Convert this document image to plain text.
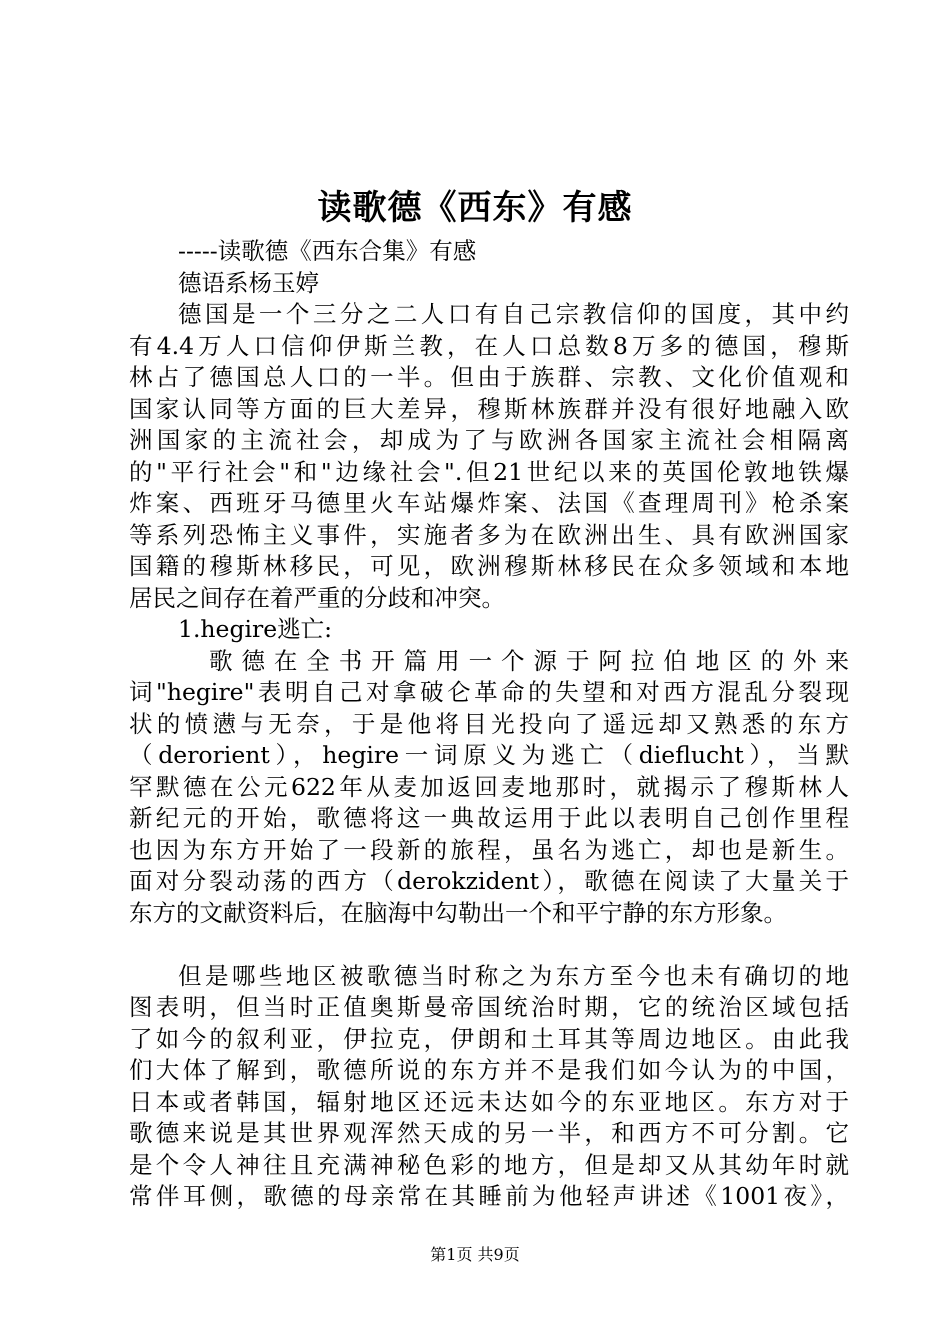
读歌德《西东》有感
-----读歌德《西东合集》有感
德语系杨玉婷
德国是一个三分之二人口有自己宗教信仰的国度，其中约
有4.4万人口信仰伊斯兰教，在人口总数8万多的德国，穆斯
林占了德国总人口的一半。但由于族群、宗教、文化价值观和
国家认同等方面的巨大差异，穆斯林族群并没有很好地融入欧
洲国家的主流社会，却成为了与欧洲各国家主流社会相隔离
的"平行社会"和"边缘社会".但21世纪以来的英国伦敦地铁爆
炸案、西班牙马德里火车站爆炸案、法国《查理周刊》枪杀案
等系列恐怖主义事件，实施者多为在欧洲出生、具有欧洲国家
国籍的穆斯林移民，可见，欧洲穆斯林移民在众多领域和本地
居民之间存在着严重的分歧和冲突。
1.hegire逃亡:
歌德在全书开篇用一个源于阿拉伯地区的外来
词"hegire"表明自己对拿破仑革命的失望和对西方混乱分裂现
状的愤懑与无奈，于是他将目光投向了遥远却又熟悉的东方
（derorient），hegire一词原义为逃亡（dieflucht），当默
罕默德在公元622年从麦加返回麦地那时，就揭示了穆斯林人
新纪元的开始，歌德将这一典故运用于此以表明自己创作里程
也因为东方开始了一段新的旅程，虽名为逃亡，却也是新生。
面对分裂动荡的西方（derokzident），歌德在阅读了大量关于
东方的文献资料后，在脑海中勾勒出一个和平宁静的东方形象。
但是哪些地区被歌德当时称之为东方至今也未有确切的地
图表明，但当时正值奥斯曼帝国统治时期，它的统治区域包括
了如今的叙利亚，伊拉克，伊朗和土耳其等周边地区。由此我
们大体了解到，歌德所说的东方并不是我们如今认为的中国，
日本或者韩国，辐射地区还远未达如今的东亚地区。东方对于
歌德来说是其世界观浑然天成的另一半，和西方不可分割。它
是个令人神往且充满神秘色彩的地方，但是却又从其幼年时就
常伴耳侧，歌德的母亲常在其睡前为他轻声讲述《1001夜》，
第1页 共9页
